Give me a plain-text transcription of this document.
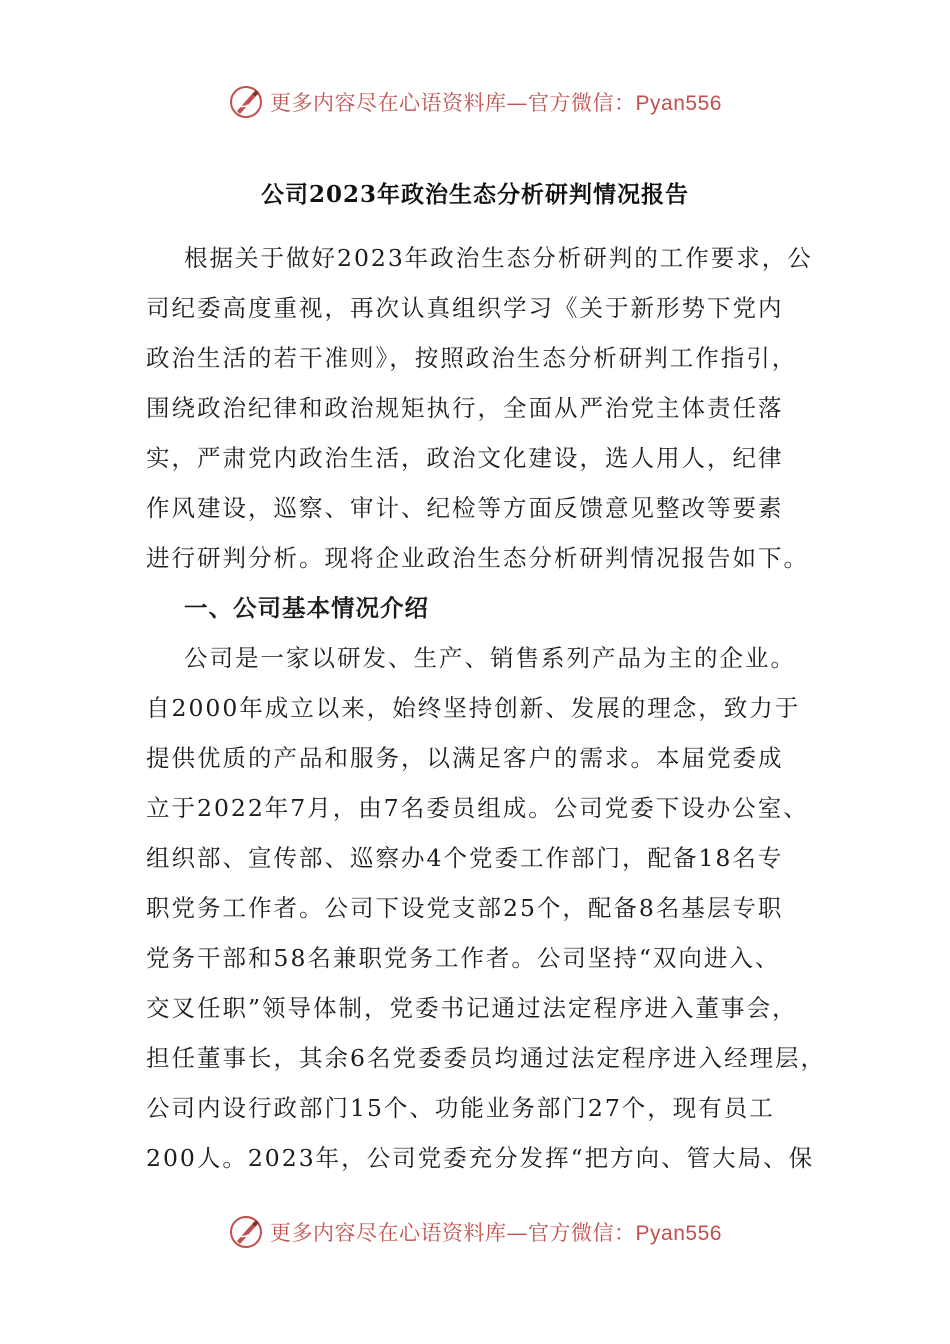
更多内容尽在心语资料库—官方微信：Pyan556
公司2023年政治生态分析研判情况报告
根据关于做好2023年政治生态分析研判的工作要求，公
司纪委高度重视，再次认真组织学习《关于新形势下党内
政治生活的若干准则》，按照政治生态分析研判工作指引，
围绕政治纪律和政治规矩执行，全面从严治党主体责任落
实，严肃党内政治生活，政治文化建设，选人用人，纪律
作风建设，巡察、审计、纪检等方面反馈意见整改等要素
进行研判分析。现将企业政治生态分析研判情况报告如下。
一、公司基本情况介绍
公司是一家以研发、生产、销售系列产品为主的企业。
自2000年成立以来，始终坚持创新、发展的理念，致力于
提供优质的产品和服务，以满足客户的需求。本届党委成
立于2022年7月，由7名委员组成。公司党委下设办公室、
组织部、宣传部、巡察办4个党委工作部门，配备18名专
职党务工作者。公司下设党支部25个，配备8名基层专职
党务干部和58名兼职党务工作者。公司坚持“双向进入、
交叉任职”领导体制，党委书记通过法定程序进入董事会，
担任董事长，其余6名党委委员均通过法定程序进入经理层，
公司内设行政部门15个、功能业务部门27个，现有员工
200人。2023年，公司党委充分发挥“把方向、管大局、保
更多内容尽在心语资料库—官方微信：Pyan556
